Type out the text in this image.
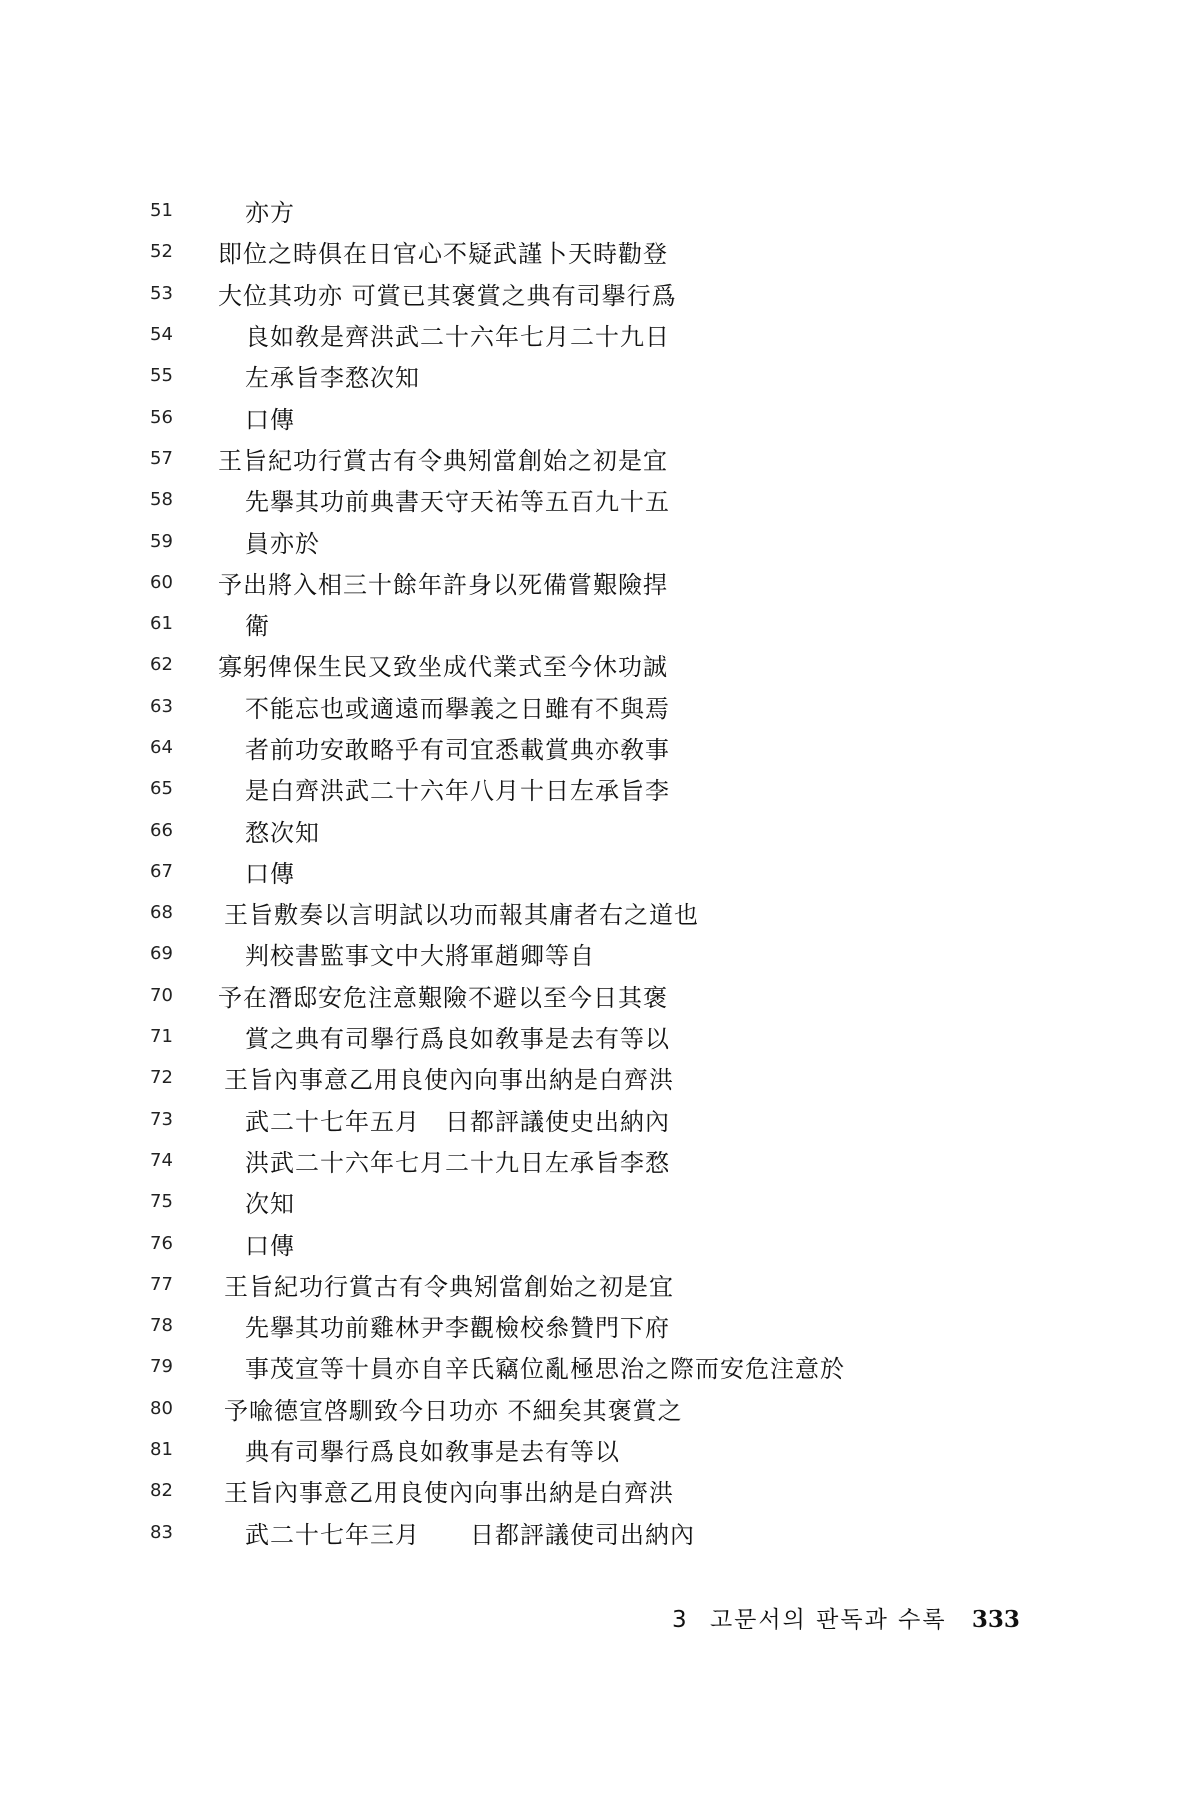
51	亦方
52	即位之時俱在日官心不疑武謹卜天時勸登
53	大位其功亦 可賞已其褒賞之典有司擧行爲
54	良如敎是齊洪武二十六年七月二十九日
55	左承旨李愗次知
56	口傳
57	王旨紀功行賞古有令典矧當創始之初是宜
58	先擧其功前典書天守天祐等五百九十五
59	員亦於
60	予出將入相三十餘年許身以死備嘗艱險捍
61	衛
62	寡躬俾保生民又致坐成代業式至今休功誠
63	不能忘也或適遠而擧義之日雖有不與焉
64	者前功安敢略乎有司宜悉載賞典亦敎事
65	是白齊洪武二十六年八月十日左承旨李
66	愗次知
67	口傳
68	王旨敷奏以言明試以功而報其庸者右之道也
69	判校書監事文中大將軍趙卿等自
70	予在潛邸安危注意艱險不避以至今日其褒
71	賞之典有司擧行爲良如敎事是去有等以
72	王旨內事意乙用良使內向事出納是白齊洪
73	武二十七年五月　日都評議使史出納內
74	洪武二十六年七月二十九日左承旨李愗
75	次知
76	口傳
77	王旨紀功行賞古有令典矧當創始之初是宜
78	先擧其功前雞林尹李觀檢校叅贊門下府
79	事茂宣等十員亦自辛氏竊位亂極思治之際而安危注意於
80	予喩德宣啓馴致今日功亦 不細矣其褒賞之
81	典有司擧行爲良如敎事是去有等以
82	王旨內事意乙用良使內向事出納是白齊洪
83	武二十七年三月　　日都評議使司出納內
3 고문서의 판독과 수록 333
